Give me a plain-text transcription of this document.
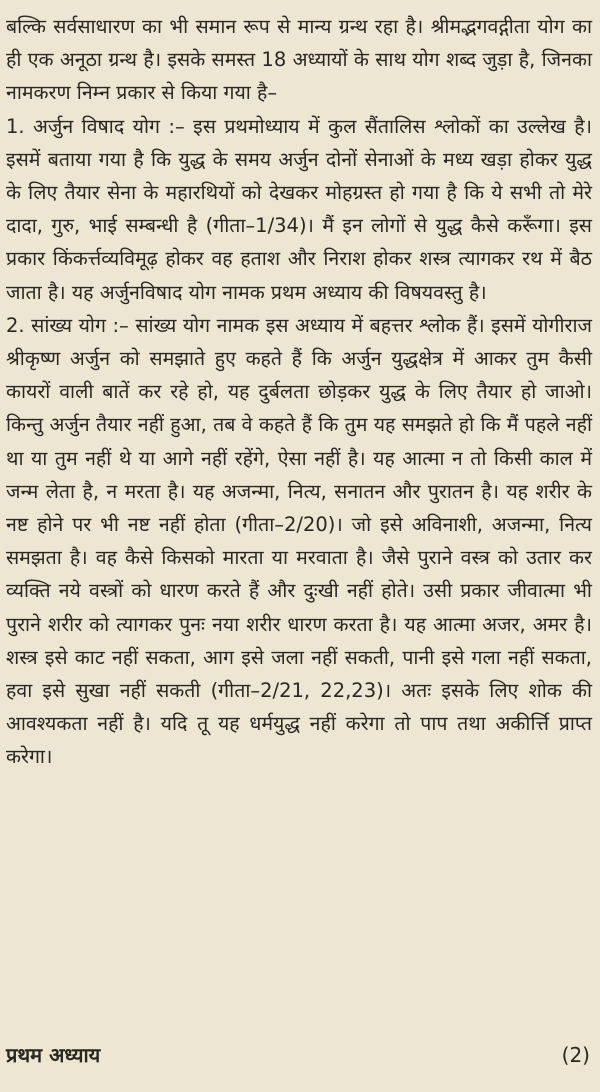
बल्कि सर्वसाधारण का भी समान रूप से मान्य ग्रन्थ रहा है। श्रीमद्भगवद्गीता योग का ही एक अनूठा ग्रन्थ है। इसके समस्त 18 अध्यायों के साथ योग शब्द जुड़ा है, जिनका नामकरण निम्न प्रकार से किया गया है–

1. अर्जुन विषाद योग :– इस प्रथमोध्याय में कुल सैंतालिस श्लोकों का उल्लेख है। इसमें बताया गया है कि युद्ध के समय अर्जुन दोनों सेनाओं के मध्य खड़ा होकर युद्ध के लिए तैयार सेना के महारथियों को देखकर मोहग्रस्त हो गया है कि ये सभी तो मेरे दादा, गुरु, भाई सम्बन्धी है (गीता–1/34)। मैं इन लोगों से युद्ध कैसे करूँगा। इस प्रकार किंकर्त्तव्यविमूढ़ होकर वह हताश और निराश होकर शस्त्र त्यागकर रथ में बैठ जाता है। यह अर्जुनविषाद योग नामक प्रथम अध्याय की विषयवस्तु है।

2. सांख्य योग :– सांख्य योग नामक इस अध्याय में बहत्तर श्लोक हैं। इसमें योगीराज श्रीकृष्ण अर्जुन को समझाते हुए कहते हैं कि अर्जुन युद्धक्षेत्र में आकर तुम कैसी कायरों वाली बातें कर रहे हो, यह दुर्बलता छोड़कर युद्ध के लिए तैयार हो जाओ। किन्तु अर्जुन तैयार नहीं हुआ, तब वे कहते हैं कि तुम यह समझते हो कि मैं पहले नहीं था या तुम नहीं थे या आगे नहीं रहेंगे, ऐसा नहीं है। यह आत्मा न तो किसी काल में जन्म लेता है, न मरता है। यह अजन्मा, नित्य, सनातन और पुरातन है। यह शरीर के नष्ट होने पर भी नष्ट नहीं होता (गीता–2/20)। जो इसे अविनाशी, अजन्मा, नित्य समझता है। वह कैसे किसको मारता या मरवाता है। जैसे पुराने वस्त्र को उतार कर व्यक्ति नये वस्त्रों को धारण करते हैं और दुःखी नहीं होते। उसी प्रकार जीवात्मा भी पुराने शरीर को त्यागकर पुनः नया शरीर धारण करता है। यह आत्मा अजर, अमर है। शस्त्र इसे काट नहीं सकता, आग इसे जला नहीं सकती, पानी इसे गला नहीं सकता, हवा इसे सुखा नहीं सकती (गीता–2/21, 22,23)। अतः इसके लिए शोक की आवश्यकता नहीं है। यदि तू यह धर्मयुद्ध नहीं करेगा तो पाप तथा अकीर्त्ति प्राप्त करेगा।

प्रथम अध्याय	(2)
